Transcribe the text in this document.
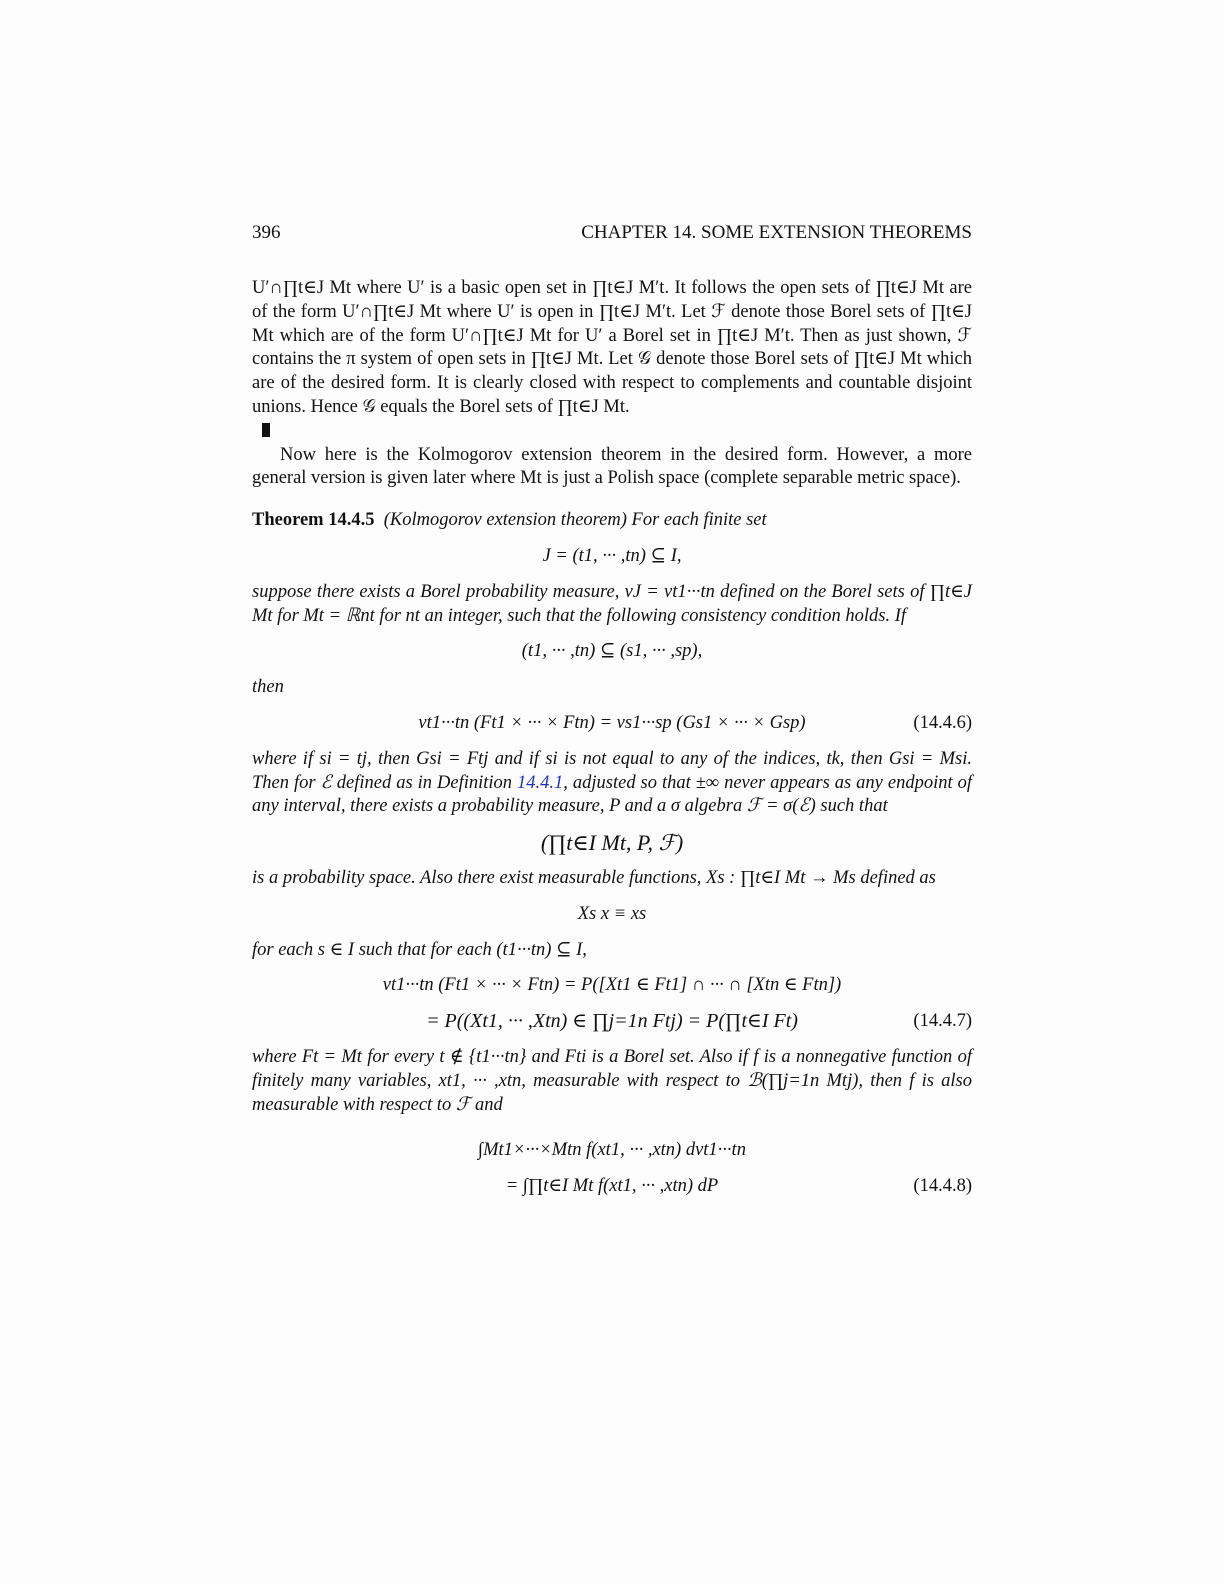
396	CHAPTER 14. SOME EXTENSION THEOREMS

U′∩∏t∈J Mt where U′ is a basic open set in ∏t∈J M′t. It follows the open sets of ∏t∈J Mt are of the form U′∩∏t∈J Mt where U′ is open in ∏t∈J M′t. Let ℱ denote those Borel sets of ∏t∈J Mt which are of the form U′∩∏t∈J Mt for U′ a Borel set in ∏t∈J M′t. Then as just shown, ℱ contains the π system of open sets in ∏t∈J Mt. Let 𝒢 denote those Borel sets of ∏t∈J Mt which are of the desired form. It is clearly closed with respect to complements and countable disjoint unions. Hence 𝒢 equals the Borel sets of ∏t∈J Mt.

Now here is the Kolmogorov extension theorem in the desired form. However, a more general version is given later where Mt is just a Polish space (complete separable metric space).

Theorem 14.4.5 (Kolmogorov extension theorem) For each finite set

J = (t1, ··· ,tn) ⊆ I,

suppose there exists a Borel probability measure, νJ = νt1···tn defined on the Borel sets of ∏t∈J Mt for Mt = ℝnt for nt an integer, such that the following consistency condition holds. If

(t1, ··· ,tn) ⊆ (s1, ··· ,sp),

then

νt1···tn (Ft1 × ··· × Ftn) = νs1···sp (Gs1 × ··· × Gsp)	(14.4.6)

where if si = tj, then Gsi = Ftj and if si is not equal to any of the indices, tk, then Gsi = Msi. Then for ℰ defined as in Definition 14.4.1, adjusted so that ±∞ never appears as any endpoint of any interval, there exists a probability measure, P and a σ algebra ℱ = σ(ℰ) such that

(∏t∈I Mt, P, ℱ)

is a probability space. Also there exist measurable functions, Xs : ∏t∈I Mt → Ms defined as

Xs x ≡ xs

for each s ∈ I such that for each (t1···tn) ⊆ I,

νt1···tn (Ft1 × ··· × Ftn) = P([Xt1 ∈ Ft1] ∩ ··· ∩ [Xtn ∈ Ftn])
= P((Xt1, ··· ,Xtn) ∈ ∏j=1n Ftj) = P(∏t∈I Ft)	(14.4.7)

where Ft = Mt for every t ∉ {t1···tn} and Fti is a Borel set. Also if f is a nonnegative function of finitely many variables, xt1, ··· ,xtn, measurable with respect to ℬ(∏j=1n Mtj), then f is also measurable with respect to ℱ and

∫Mt1×···×Mtn f(xt1, ··· ,xtn) dνt1···tn
= ∫∏t∈I Mt f(xt1, ··· ,xtn) dP	(14.4.8)
